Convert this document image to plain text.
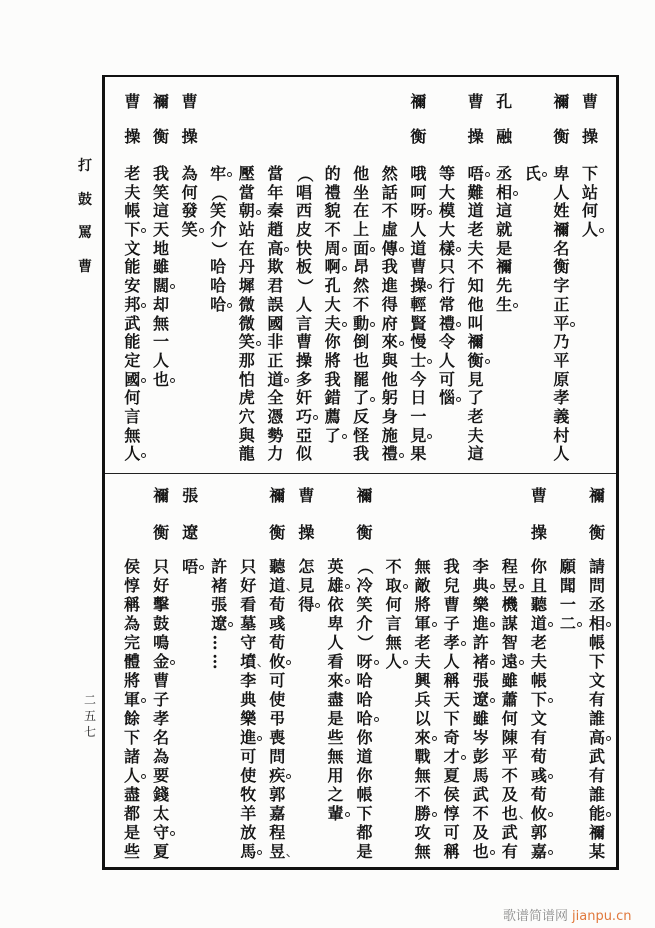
打
鼓
罵
曹
二
五
七
曹
操
下
站
何
人
禰
衡
卑
人
姓
禰
名
衡
字
正
平
乃
平
原
孝
義
村
人
氏
孔
融
丞
相
這
就
是
禰
先
生
曹
操
唔
難
道
老
夫
不
知
他
叫
禰
衡
見
了
老
夫
這
等
大
模
大
樣
只
行
常
禮
令
人
可
惱
禰
衡
哦
呵
呀
人
道
曹
操
輕
賢
慢
士
今
日
一
見
果
然
話
不
虛
傳
我
進
得
府
來
與
他
躬
身
施
禮
他
坐
在
上
面
昂
然
不
動
倒
也
罷
了
反
怪
我
的
禮
貌
不
周
啊
孔
大
夫
你
將
我
錯
薦
了
（
唱
西
皮
快
板
）
人
言
曹
操
多
奸
巧
亞
似
當
年
秦
趙
高
欺
君
誤
國
非
正
道
全
憑
勢
力
壓
當
朝
站
在
丹
墀
微
微
笑
那
怕
虎
穴
與
龍
牢
（
笑
介
）
哈
哈
哈
曹
操
為
何
發
笑
禰
衡
我
笑
這
天
地
雖
闊
却
無
一
人
也
曹
操
老
夫
帳
下
文
能
安
邦
武
能
定
國
何
言
無
人
禰
衡
請
問
丞
相
帳
下
文
有
誰
高
武
有
誰
能
禰
某
願
聞
一
二
曹
操
你
且
聽
道
老
夫
帳
下
文
有
荀
彧
荀
攸
郭
嘉
程
昱
機
謀
智
遠
雖
蕭
何
陳
平
不
及
也
武
有
李
典
樂
進
許
褚
張
遼
雖
岑
彭
馬
武
不
及
也
我
兒
曹
子
孝
人
稱
天
下
奇
才
夏
侯
惇
可
稱
無
敵
將
軍
老
夫
興
兵
以
來
戰
無
不
勝
攻
無
不
取
何
言
無
人
禰
衡
（
冷
笑
介
）
呀
哈
哈
哈
你
道
你
帳
下
都
是
英
雄
依
卑
人
看
來
盡
是
些
無
用
之
輩
曹
操
怎
見
得
禰
衡
聽
道
荀
彧
荀
攸
可
使
弔
喪
問
疾
郭
嘉
程
昱
只
好
看
墓
守
墳
李
典
樂
進
可
使
牧
羊
放
馬
許
褚
張
遼
…
…
張
遼
唔
禰
衡
只
好
擊
鼓
鳴
金
曹
子
孝
名
為
要
錢
太
守
夏
侯
惇
稱
為
完
體
將
軍
餘
下
諸
人
盡
都
是
些
歌谱简谱网 jianpu.cn
